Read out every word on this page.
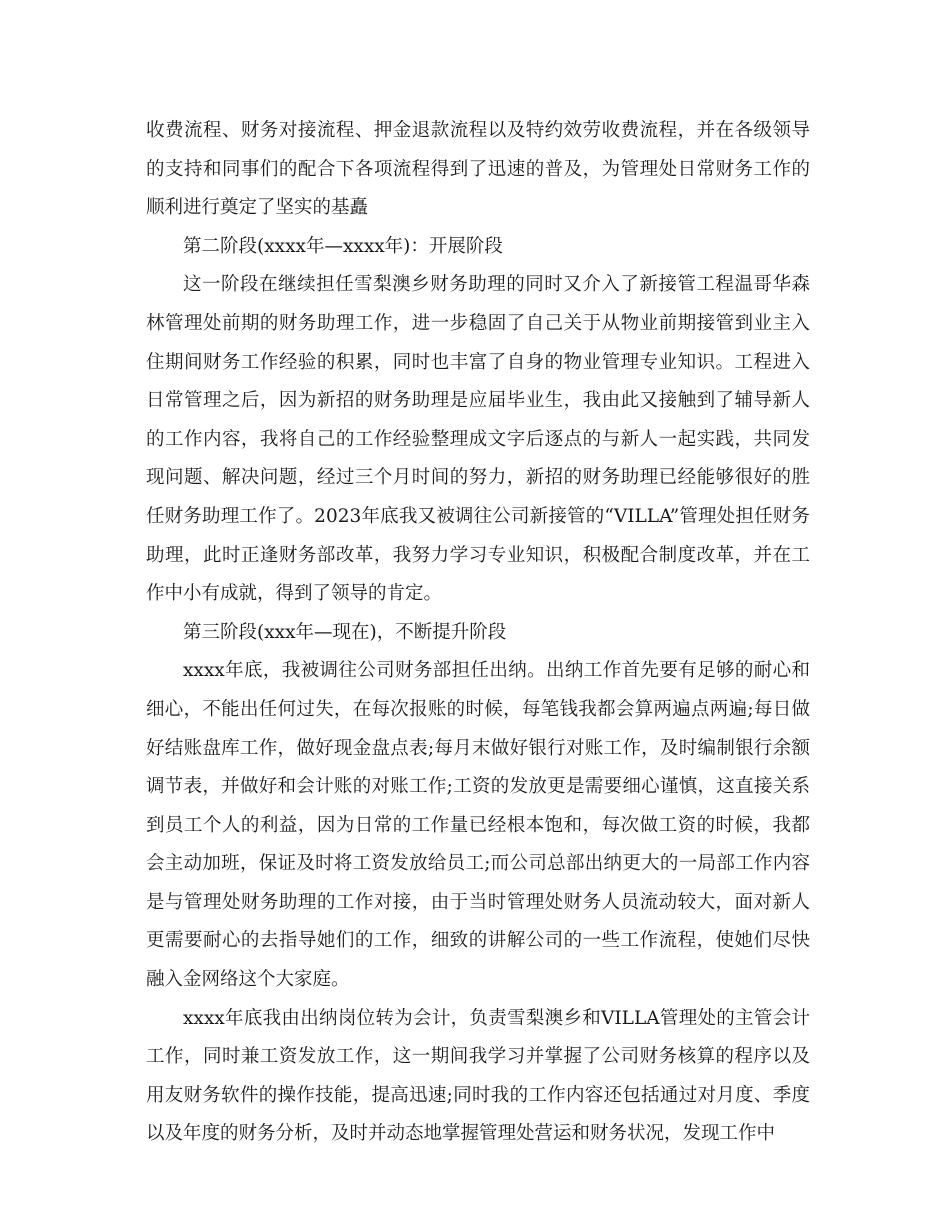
收费流程、财务对接流程、押金退款流程以及特约效劳收费流程，并在各级领导的支持和同事们的配合下各项流程得到了迅速的普及，为管理处日常财务工作的顺利进行奠定了坚实的基矗

第二阶段(xxxx年—xxxx年)：开展阶段

这一阶段在继续担任雪梨澳乡财务助理的同时又介入了新接管工程温哥华森林管理处前期的财务助理工作，进一步稳固了自己关于从物业前期接管到业主入住期间财务工作经验的积累，同时也丰富了自身的物业管理专业知识。工程进入日常管理之后，因为新招的财务助理是应届毕业生，我由此又接触到了辅导新人的工作内容，我将自己的工作经验整理成文字后逐点的与新人一起实践，共同发现问题、解决问题，经过三个月时间的努力，新招的财务助理已经能够很好的胜任财务助理工作了。2023年底我又被调往公司新接管的“VILLA”管理处担任财务助理，此时正逢财务部改革，我努力学习专业知识，积极配合制度改革，并在工作中小有成就，得到了领导的肯定。

第三阶段(xxx年—现在)，不断提升阶段

xxxx年底，我被调往公司财务部担任出纳。出纳工作首先要有足够的耐心和细心，不能出任何过失，在每次报账的时候，每笔钱我都会算两遍点两遍;每日做好结账盘库工作，做好现金盘点表;每月末做好银行对账工作，及时编制银行余额调节表，并做好和会计账的对账工作;工资的发放更是需要细心谨慎，这直接关系到员工个人的利益，因为日常的工作量已经根本饱和，每次做工资的时候，我都会主动加班，保证及时将工资发放给员工;而公司总部出纳更大的一局部工作内容是与管理处财务助理的工作对接，由于当时管理处财务人员流动较大，面对新人更需要耐心的去指导她们的工作，细致的讲解公司的一些工作流程，使她们尽快融入金网络这个大家庭。

xxxx年底我由出纳岗位转为会计，负责雪梨澳乡和VILLA管理处的主管会计工作，同时兼工资发放工作，这一期间我学习并掌握了公司财务核算的程序以及用友财务软件的操作技能，提高迅速;同时我的工作内容还包括通过对月度、季度以及年度的财务分析，及时并动态地掌握管理处营运和财务状况，发现工作中
